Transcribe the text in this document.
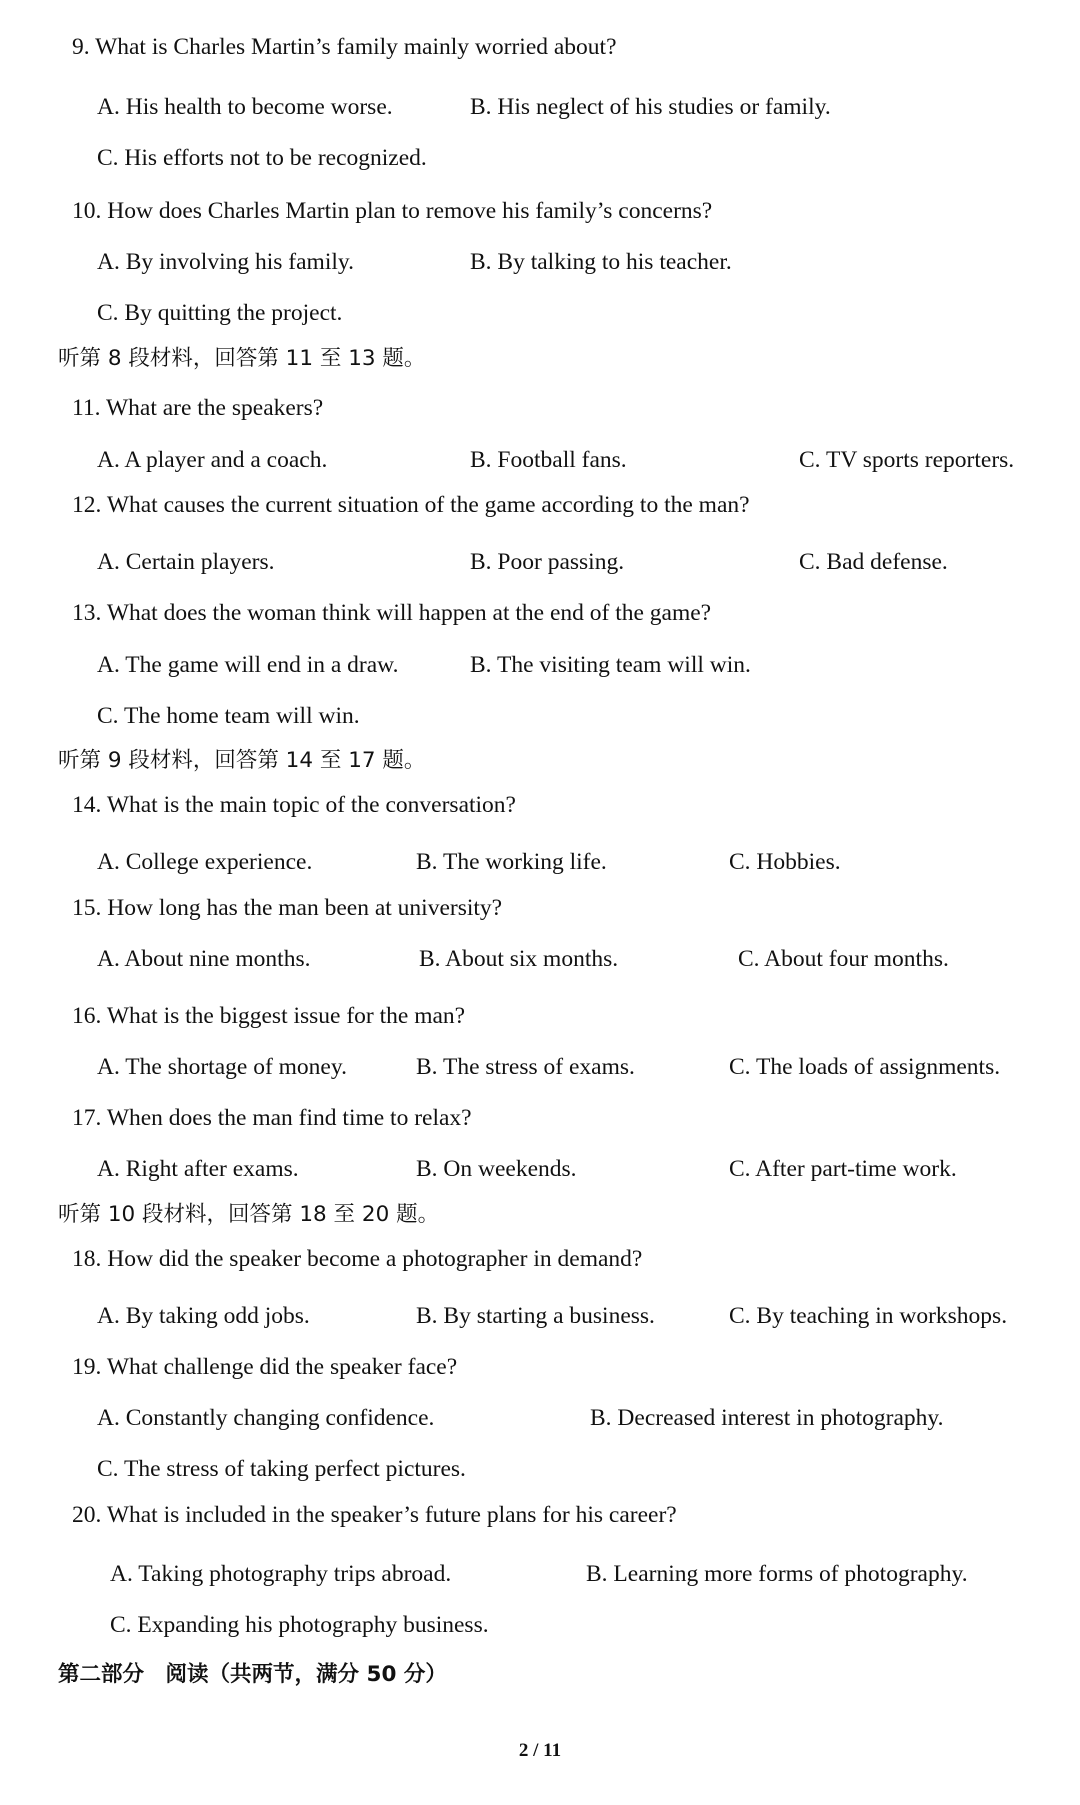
9. What is Charles Martin’s family mainly worried about?
A. His health to become worse.	B. His neglect of his studies or family.
C. His efforts not to be recognized.
10. How does Charles Martin plan to remove his family’s concerns?
A. By involving his family.	B. By talking to his teacher.
C. By quitting the project.
听第 8 段材料，回答第 11 至 13 题。
11. What are the speakers?
A. A player and a coach.	B. Football fans.	C. TV sports reporters.
12. What causes the current situation of the game according to the man?
A. Certain players.	B. Poor passing.	C. Bad defense.
13. What does the woman think will happen at the end of the game?
A. The game will end in a draw.	B. The visiting team will win.
C. The home team will win.
听第 9 段材料，回答第 14 至 17 题。
14. What is the main topic of the conversation?
A. College experience.	B. The working life.	C. Hobbies.
15. How long has the man been at university?
A. About nine months.	B. About six months.	C. About four months.
16. What is the biggest issue for the man?
A. The shortage of money.	B. The stress of exams.	C. The loads of assignments.
17. When does the man find time to relax?
A. Right after exams.	B. On weekends.	C. After part-time work.
听第 10 段材料，回答第 18 至 20 题。
18. How did the speaker become a photographer in demand?
A. By taking odd jobs.	B. By starting a business.	C. By teaching in workshops.
19. What challenge did the speaker face?
A. Constantly changing confidence.	B. Decreased interest in photography.
C. The stress of taking perfect pictures.
20. What is included in the speaker’s future plans for his career?
A. Taking photography trips abroad.	B. Learning more forms of photography.
C. Expanding his photography business.
第二部分　阅读（共两节，满分 50 分）
2 / 11
